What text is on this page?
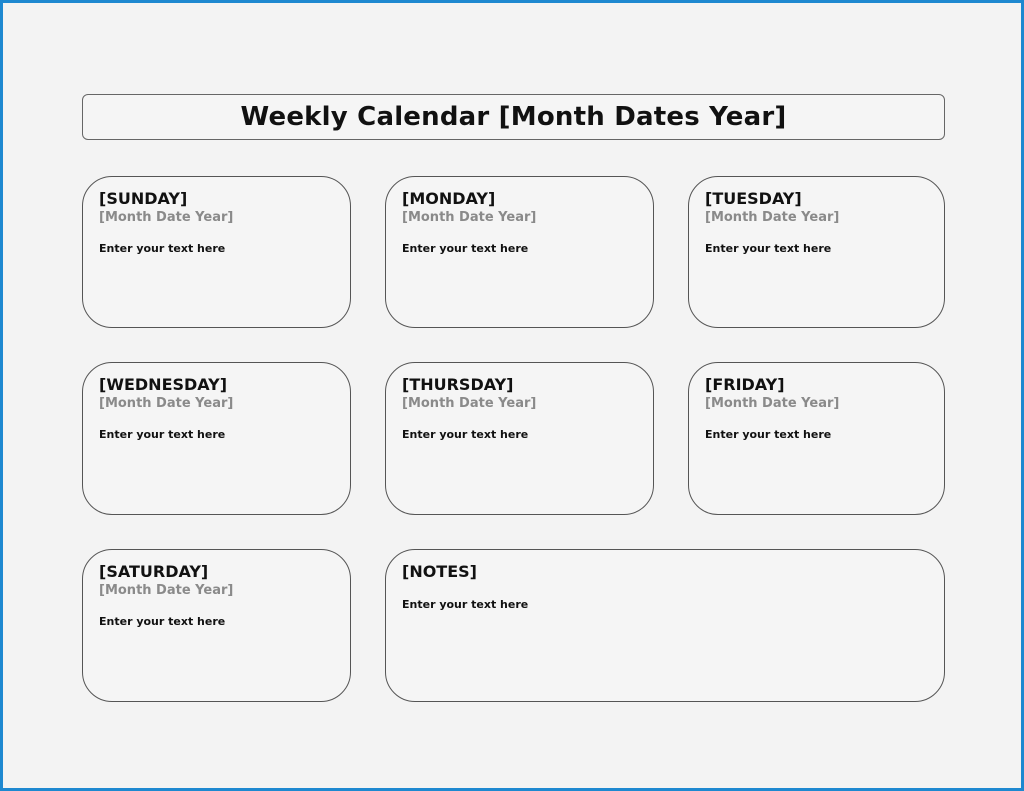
Weekly Calendar [Month Dates Year]
[SUNDAY]
[Month Date Year]
Enter your text here
[MONDAY]
[Month Date Year]
Enter your text here
[TUESDAY]
[Month Date Year]
Enter your text here
[WEDNESDAY]
[Month Date Year]
Enter your text here
[THURSDAY]
[Month Date Year]
Enter your text here
[FRIDAY]
[Month Date Year]
Enter your text here
[SATURDAY]
[Month Date Year]
Enter your text here
[NOTES]
Enter your text here
